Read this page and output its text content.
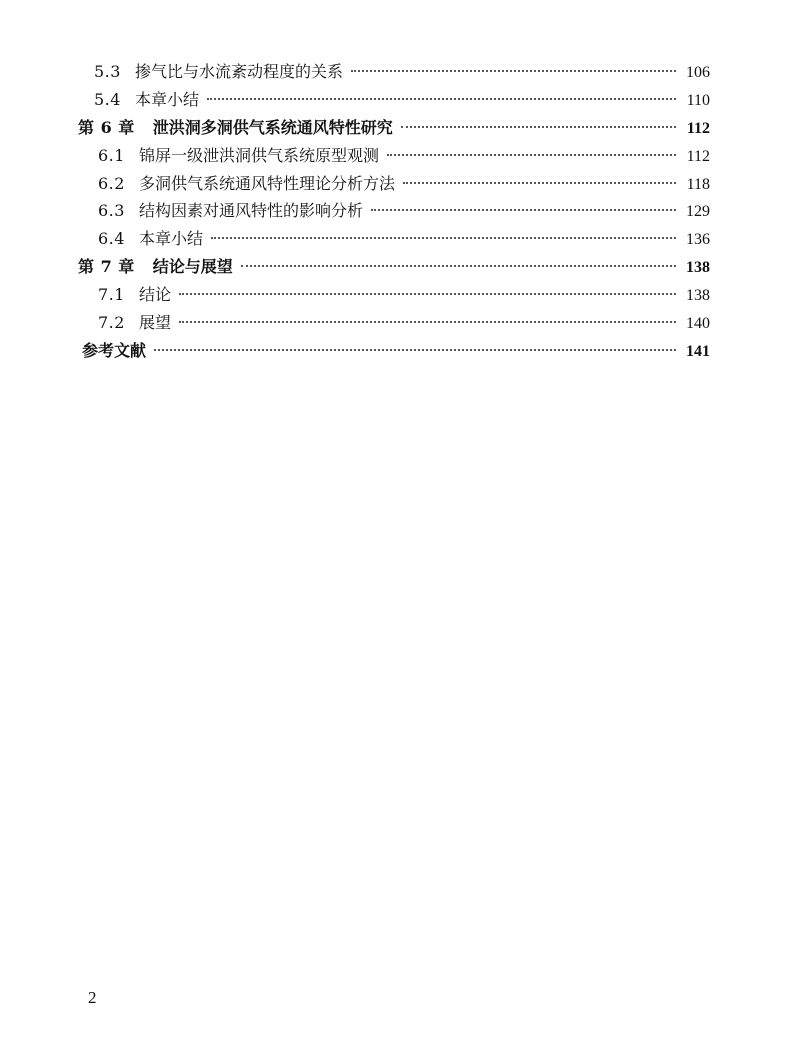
5.3 掺气比与水流紊动程度的关系	106
5.4 本章小结	110
第 6 章 泄洪洞多洞供气系统通风特性研究	112
6.1 锦屏一级泄洪洞供气系统原型观测	112
6.2 多洞供气系统通风特性理论分析方法	118
6.3 结构因素对通风特性的影响分析	129
6.4 本章小结	136
第 7 章 结论与展望	138
7.1 结论	138
7.2 展望	140
参考文献	141
2
